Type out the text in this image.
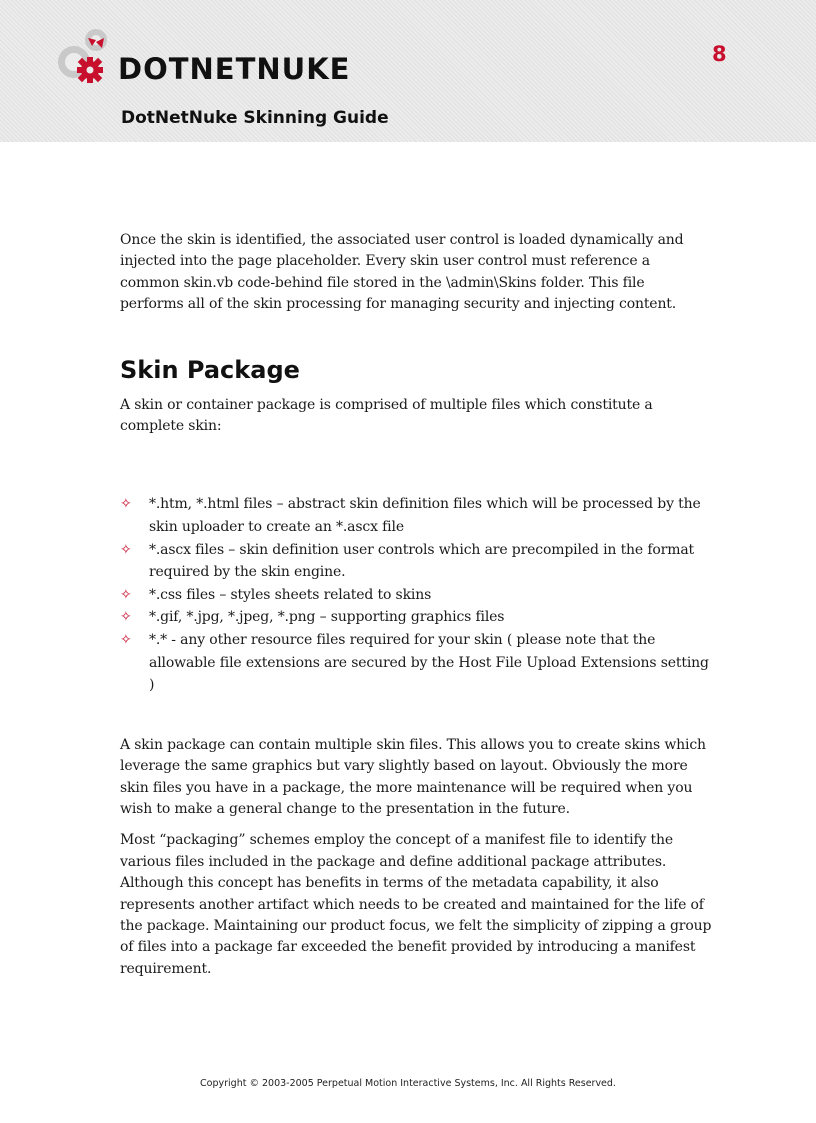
DOTNETNUKE	8
DotNetNuke Skinning Guide

Once the skin is identified, the associated user control is loaded dynamically and injected into the page placeholder. Every skin user control must reference a common skin.vb code-behind file stored in the \admin\Skins folder. This file performs all of the skin processing for managing security and injecting content.

Skin Package

A skin or container package is comprised of multiple files which constitute a complete skin:

✧ *.htm, *.html files – abstract skin definition files which will be processed by the skin uploader to create an *.ascx file
✧ *.ascx files – skin definition user controls which are precompiled in the format required by the skin engine.
✧ *.css files – styles sheets related to skins
✧ *.gif, *.jpg, *.jpeg, *.png – supporting graphics files
✧ *.* - any other resource files required for your skin ( please note that the allowable file extensions are secured by the Host File Upload Extensions setting )

A skin package can contain multiple skin files. This allows you to create skins which leverage the same graphics but vary slightly based on layout. Obviously the more skin files you have in a package, the more maintenance will be required when you wish to make a general change to the presentation in the future.

Most “packaging” schemes employ the concept of a manifest file to identify the various files included in the package and define additional package attributes. Although this concept has benefits in terms of the metadata capability, it also represents another artifact which needs to be created and maintained for the life of the package. Maintaining our product focus, we felt the simplicity of zipping a group of files into a package far exceeded the benefit provided by introducing a manifest requirement.

Copyright © 2003-2005 Perpetual Motion Interactive Systems, Inc. All Rights Reserved.
